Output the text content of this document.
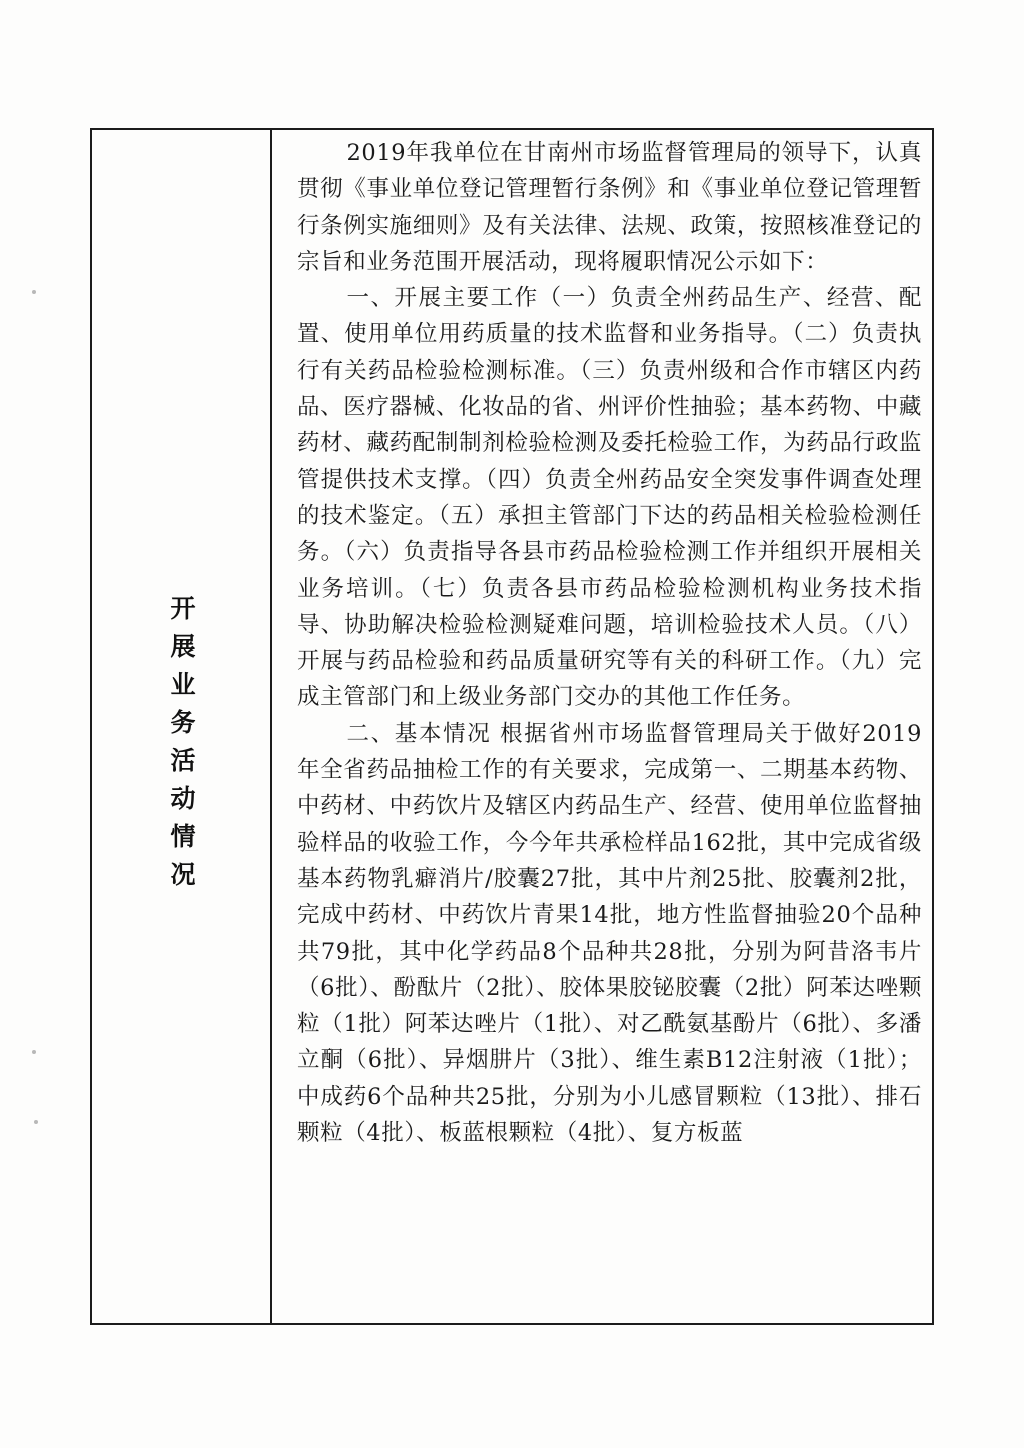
开
展
业
务
活
动
情
况

2019年我单位在甘南州市场监督管理局的领导下，认真贯彻《事业单位登记管理暂行条例》和《事业单位登记管理暂行条例实施细则》及有关法律、法规、政策，按照核准登记的宗旨和业务范围开展活动，现将履职情况公示如下：

一、开展主要工作（一）负责全州药品生产、经营、配置、使用单位用药质量的技术监督和业务指导。（二）负责执行有关药品检验检测标准。（三）负责州级和合作市辖区内药品、医疗器械、化妆品的省、州评价性抽验；基本药物、中藏药材、藏药配制制剂检验检测及委托检验工作，为药品行政监管提供技术支撑。（四）负责全州药品安全突发事件调查处理的技术鉴定。（五）承担主管部门下达的药品相关检验检测任务。（六）负责指导各县市药品检验检测工作并组织开展相关业务培训。（七）负责各县市药品检验检测机构业务技术指导、协助解决检验检测疑难问题，培训检验技术人员。（八）开展与药品检验和药品质量研究等有关的科研工作。（九）完成主管部门和上级业务部门交办的其他工作任务。

二、基本情况 根据省州市场监督管理局关于做好2019年全省药品抽检工作的有关要求，完成第一、二期基本药物、中药材、中药饮片及辖区内药品生产、经营、使用单位监督抽验样品的收验工作，今今年共承检样品162批，其中完成省级基本药物乳癖消片/胶囊27批，其中片剂25批、胶囊剂2批，完成中药材、中药饮片青果14批，地方性监督抽验20个品种共79批，其中化学药品8个品种共28批，分别为阿昔洛韦片（6批）、酚酞片（2批）、胶体果胶铋胶囊（2批）阿苯达唑颗粒（1批）阿苯达唑片（1批）、对乙酰氨基酚片（6批）、多潘立酮（6批）、异烟肼片（3批）、维生素B12注射液（1批）；中成药6个品种共25批，分别为小儿感冒颗粒（13批）、排石颗粒（4批）、板蓝根颗粒（4批）、复方板蓝
